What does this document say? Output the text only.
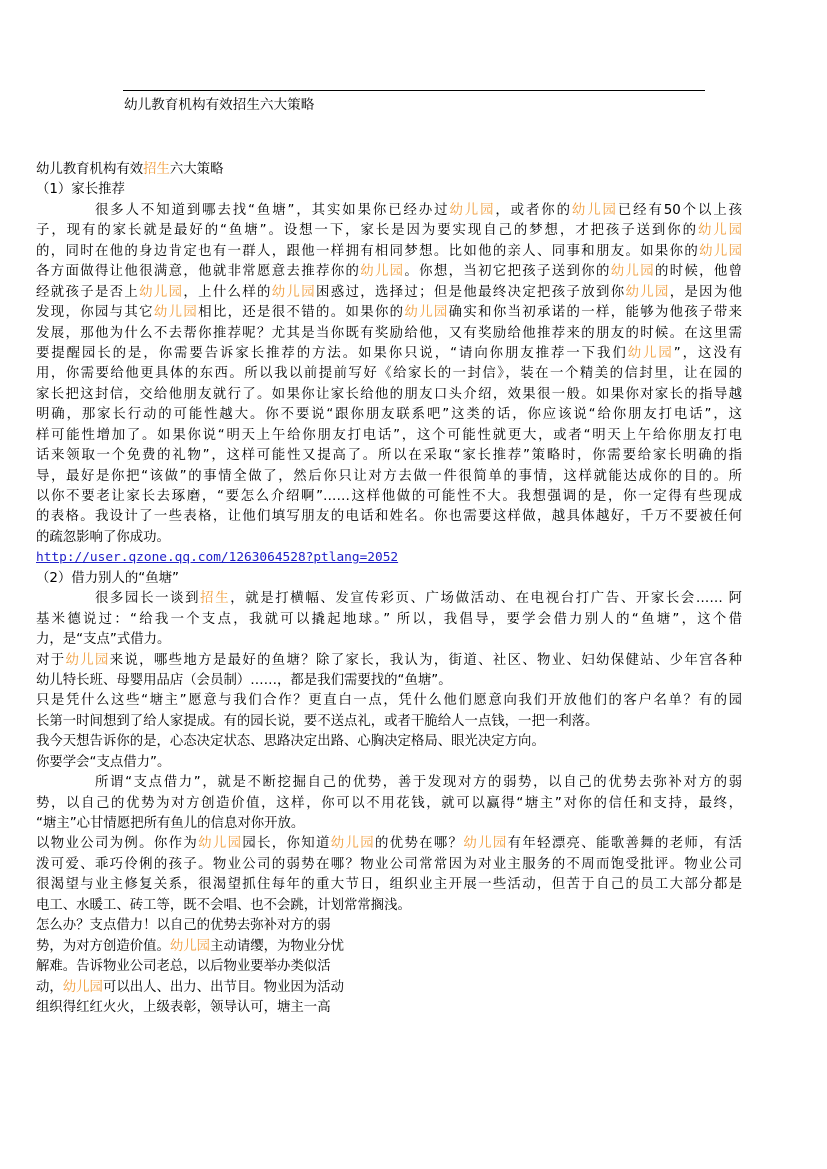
幼儿教育机构有效招生六大策略
幼儿教育机构有效招生六大策略
（1）家长推荐
很多人不知道到哪去找“鱼塘”，其实如果你已经办过幼儿园，或者你的幼儿园已经有50个以上孩
子，现有的家长就是最好的“鱼塘”。设想一下，家长是因为要实现自己的梦想，才把孩子送到你的幼儿园
的，同时在他的身边肯定也有一群人，跟他一样拥有相同梦想。比如他的亲人、同事和朋友。如果你的幼儿园
各方面做得让他很满意，他就非常愿意去推荐你的幼儿园。你想，当初它把孩子送到你的幼儿园的时候，他曾
经就孩子是否上幼儿园，上什么样的幼儿园困惑过，选择过；但是他最终决定把孩子放到你幼儿园，是因为他
发现，你园与其它幼儿园相比，还是很不错的。如果你的幼儿园确实和你当初承诺的一样，能够为他孩子带来
发展，那他为什么不去帮你推荐呢？尤其是当你既有奖励给他，又有奖励给他推荐来的朋友的时候。在这里需
要提醒园长的是，你需要告诉家长推荐的方法。如果你只说，“请向你朋友推荐一下我们幼儿园”，这没有
用，你需要给他更具体的东西。所以我以前提前写好《给家长的一封信》，装在一个精美的信封里，让在园的
家长把这封信，交给他朋友就行了。如果你让家长给他的朋友口头介绍，效果很一般。如果你对家长的指导越
明确，那家长行动的可能性越大。你不要说“跟你朋友联系吧”这类的话，你应该说“给你朋友打电话”，这
样可能性增加了。如果你说“明天上午给你朋友打电话”，这个可能性就更大，或者“明天上午给你朋友打电
话来领取一个免费的礼物”，这样可能性又提高了。所以在采取“家长推荐”策略时，你需要给家长明确的指
导，最好是你把“该做”的事情全做了，然后你只让对方去做一件很简单的事情，这样就能达成你的目的。所
以你不要老让家长去琢磨，“要怎么介绍啊”……这样他做的可能性不大。我想强调的是，你一定得有些现成
的表格。我设计了一些表格，让他们填写朋友的电话和姓名。你也需要这样做，越具体越好，千万不要被任何
的疏忽影响了你成功。
http://user.qzone.qq.com/1263064528?ptlang=2052
（2）借力别人的“鱼塘”
很多园长一谈到招生，就是打横幅、发宣传彩页、广场做活动、在电视台打广告、开家长会…… 阿
基米德说过：“给我一个支点，我就可以撬起地球。” 所以，我倡导，要学会借力别人的“鱼塘”，这个借
力，是“支点”式借力。
对于幼儿园来说，哪些地方是最好的鱼塘？除了家长，我认为，街道、社区、物业、妇幼保健站、少年宫各种
幼儿特长班、母婴用品店（会员制）……，都是我们需要找的“鱼塘”。
只是凭什么这些“塘主”愿意与我们合作？更直白一点，凭什么他们愿意向我们开放他们的客户名单？有的园
长第一时间想到了给人家提成。有的园长说，要不送点礼，或者干脆给人一点钱，一把一利落。
我今天想告诉你的是，心态决定状态、思路决定出路、心胸决定格局、眼光决定方向。
你要学会“支点借力”。
所谓“支点借力”，就是不断挖掘自己的优势，善于发现对方的弱势，以自己的优势去弥补对方的弱
势，以自己的优势为对方创造价值，这样，你可以不用花钱，就可以赢得“塘主”对你的信任和支持，最终，
“塘主”心甘情愿把所有鱼儿的信息对你开放。
以物业公司为例。你作为幼儿园园长，你知道幼儿园的优势在哪？幼儿园有年轻漂亮、能歌善舞的老师，有活
泼可爱、乖巧伶俐的孩子。物业公司的弱势在哪？物业公司常常因为对业主服务的不周而饱受批评。物业公司
很渴望与业主修复关系，很渴望抓住每年的重大节日，组织业主开展一些活动，但苦于自己的员工大部分都是
电工、水暖工、砖工等，既不会唱、也不会跳，计划常常搁浅。
怎么办？支点借力！以自己的优势去弥补对方的弱
势，为对方创造价值。幼儿园主动请缨，为物业分忧
解难。告诉物业公司老总，以后物业要举办类似活
动，幼儿园可以出人、出力、出节目。物业因为活动
组织得红红火火，上级表彰，领导认可，塘主一高
